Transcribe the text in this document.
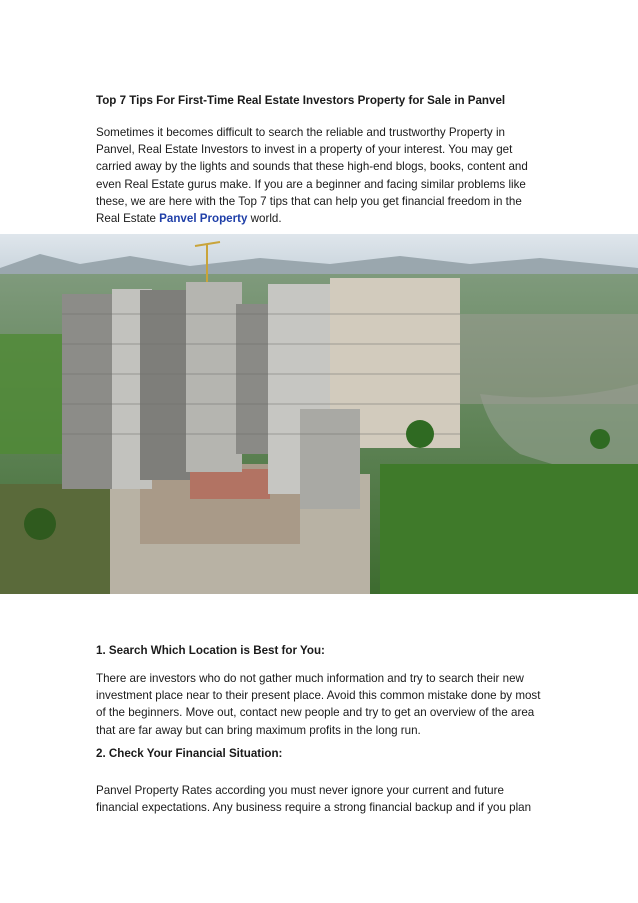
Top 7 Tips For First-Time Real Estate Investors Property for Sale in Panvel
Sometimes it becomes difficult to search the reliable and trustworthy Property in Panvel, Real Estate Investors to invest in a property of your interest. You may get carried away by the lights and sounds that these high-end blogs, books, content and even Real Estate gurus make. If you are a beginner and facing similar problems like these, we are here with the Top 7 tips that can help you get financial freedom in the Real Estate Panvel Property world.
1. Search Which Location is Best for You:
There are investors who do not gather much information and try to search their new investment place near to their present place. Avoid this common mistake done by most of the beginners. Move out, contact new people and try to get an overview of the area that are far away but can bring maximum profits in the long run.
2. Check Your Financial Situation:
Panvel Property Rates according you must never ignore your current and future financial expectations. Any business require a strong financial backup and if you plan
